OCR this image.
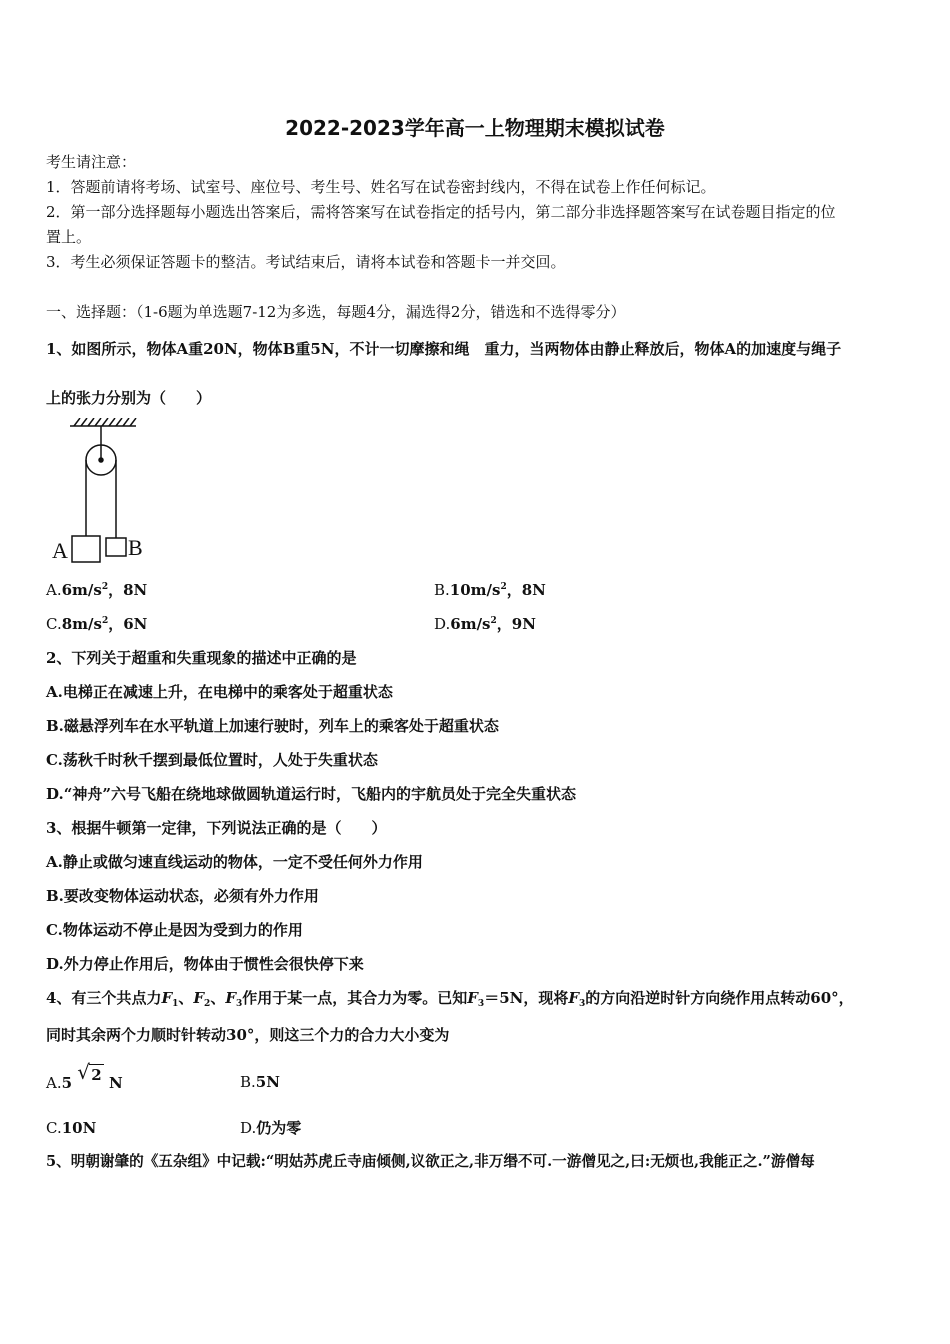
2022-2023学年高一上物理期末模拟试卷
考生请注意：
1．答题前请将考场、试室号、座位号、考生号、姓名写在试卷密封线内，不得在试卷上作任何标记。
2．第一部分选择题每小题选出答案后，需将答案写在试卷指定的括号内，第二部分非选择题答案写在试卷题目指定的位
置上。
3．考生必须保证答题卡的整洁。考试结束后，请将本试卷和答题卡一并交回。
一、选择题：（1-6题为单选题7-12为多选，每题4分，漏选得2分，错选和不选得零分）
1、如图所示，物体A重20N，物体B重5N，不计一切摩擦和绳　重力，当两物体由静止释放后，物体A的加速度与绳子
上的张力分别为（　　）
A	B
$A.6m/s^2$，8N	$B.10m/s^2$，8N
$C.8m/s^2$，6N	$D.6m/s^2$，9N
2、下列关于超重和失重现象的描述中正确的是
A.电梯正在减速上升，在电梯中的乘客处于超重状态
B.磁悬浮列车在水平轨道上加速行驶时，列车上的乘客处于超重状态
C.荡秋千时秋千摆到最低位置时，人处于失重状态
D.“神舟”六号飞船在绕地球做圆轨道运行时，飞船内的宇航员处于完全失重状态
3、根据牛顿第一定律，下列说法正确的是（　　）
A.静止或做匀速直线运动的物体，一定不受任何外力作用
B.要改变物体运动状态，必须有外力作用
C.物体运动不停止是因为受到力的作用
D.外力停止作用后，物体由于惯性会很快停下来
4、有三个共点力$F_1$、$F_2$、$F_3$作用于某一点，其合力为零。已知$F_3=5N$，现将$F_3$的方向沿逆时针方向绕作用点转动60°，
同时其余两个力顺时针转动30°，则这三个力的合力大小变为
A.5 √ 2 N	B.5N
C.10N	D.仍为零
5、明朝谢肇的《五杂组》中记载:“明姑苏虎丘寺庙倾侧,议欲正之,非万缗不可.一游僧见之,曰:无烦也,我能正之.”游僧每
